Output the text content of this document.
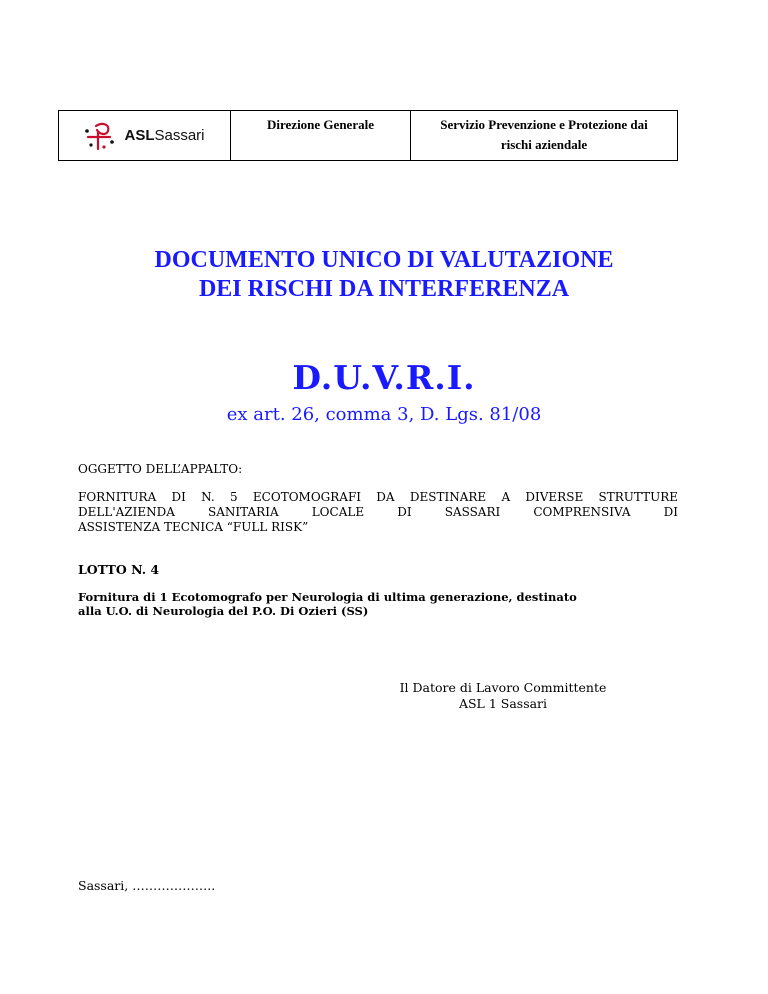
ASLSassari
Direzione Generale	Servizio Prevenzione e Protezione dai
rischi aziendale
DOCUMENTO UNICO DI VALUTAZIONE
DEI RISCHI DA INTERFERENZA
D.U.V.R.I.
ex art. 26, comma 3, D. Lgs. 81/08
OGGETTO DELL’APPALTO:
FORNITURA DI N. 5 ECOTOMOGRAFI DA DESTINARE A DIVERSE STRUTTURE
DELL'AZIENDA SANITARIA LOCALE DI SASSARI COMPRENSIVA DI
ASSISTENZA TECNICA “FULL RISK”
LOTTO N. 4
Fornitura di 1 Ecotomografo per Neurologia di ultima generazione, destinato
alla U.O. di Neurologia del P.O. Di Ozieri (SS)
Il Datore di Lavoro Committente
ASL 1 Sassari
Sassari, ………………..
